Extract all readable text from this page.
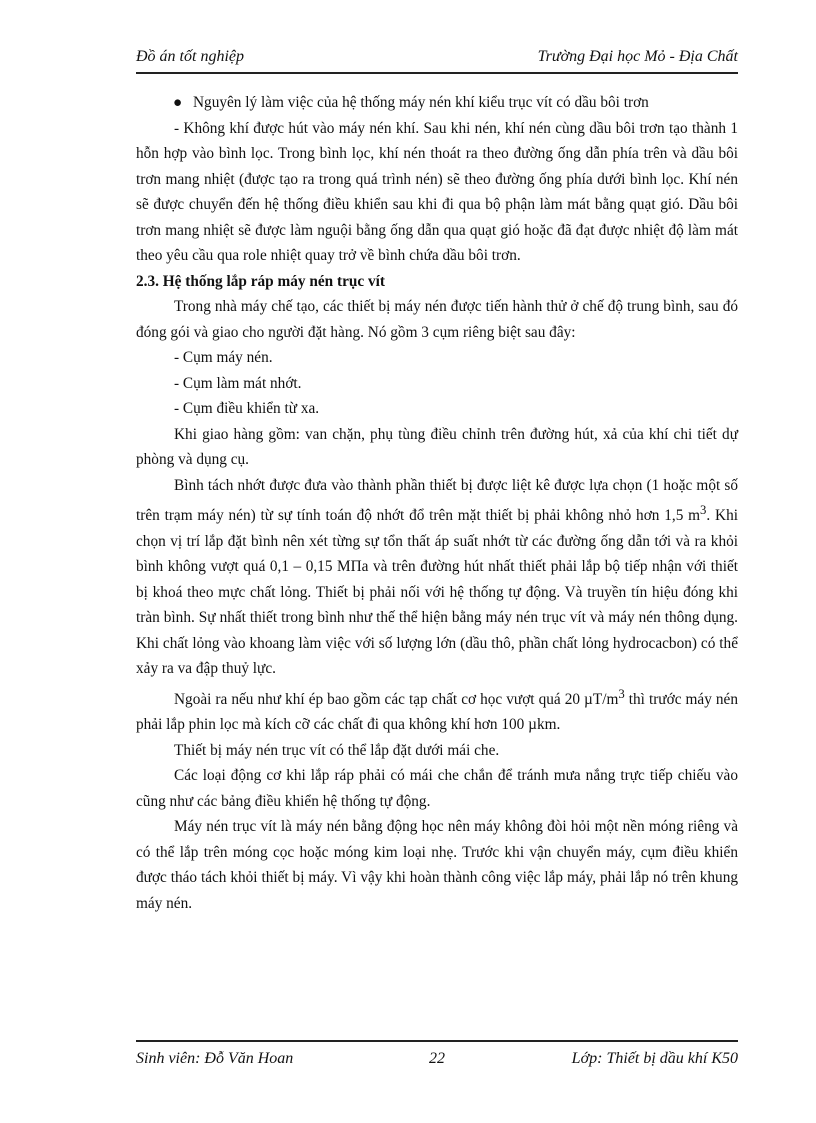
Đồ án tốt nghiệp	Trường Đại học Mỏ - Địa Chất

● Nguyên lý làm việc của hệ thống máy nén khí kiểu trục vít có dầu bôi trơn

- Không khí được hút vào máy nén khí. Sau khi nén, khí nén cùng dầu bôi trơn tạo thành 1 hỗn hợp vào bình lọc. Trong bình lọc, khí nén thoát ra theo đường ống dẫn phía trên và dầu bôi trơn mang nhiệt (được tạo ra trong quá trình nén) sẽ theo đường ống phía dưới bình lọc. Khí nén sẽ được chuyển đến hệ thống điều khiển sau khi đi qua bộ phận làm mát bằng quạt gió. Dầu bôi trơn mang nhiệt sẽ được làm nguội bằng ống dẫn qua quạt gió hoặc đã đạt được nhiệt độ làm mát theo yêu cầu qua role nhiệt quay trở về bình chứa dầu bôi trơn.

2.3. Hệ thống lắp ráp máy nén trục vít

Trong nhà máy chế tạo, các thiết bị máy nén được tiến hành thử ở chế độ trung bình, sau đó đóng gói và giao cho người đặt hàng. Nó gồm 3 cụm riêng biệt sau đây:

- Cụm máy nén.

- Cụm làm mát nhớt.

- Cụm điều khiển từ xa.

Khi giao hàng gồm: van chặn, phụ tùng điều chỉnh trên đường hút, xả của khí chi tiết dự phòng và dụng cụ.

Bình tách nhớt được đưa vào thành phần thiết bị được liệt kê được lựa chọn (1 hoặc một số trên trạm máy nén) từ sự tính toán độ nhớt đổ trên mặt thiết bị phải không nhỏ hơn 1,5 $m^3$. Khi chọn vị trí lắp đặt bình nên xét từng sự tổn thất áp suất nhớt từ các đường ống dẫn tới và ra khỏi bình không vượt quá 0,1 – 0,15 MПa và trên đường hút nhất thiết phải lắp bộ tiếp nhận với thiết bị khoá theo mực chất lỏng. Thiết bị phải nối với hệ thống tự động. Và truyền tín hiệu đóng khi tràn bình. Sự nhất thiết trong bình như thế thể hiện bằng máy nén trục vít và máy nén thông dụng. Khi chất lỏng vào khoang làm việc với số lượng lớn (dầu thô, phần chất lỏng hydrocacbon) có thể xảy ra va đập thuỷ lực.

Ngoài ra nếu như khí ép bao gồm các tạp chất cơ học vượt quá 20 $\mu T/m^3$ thì trước máy nén phải lắp phin lọc mà kích cỡ các chất đi qua không khí hơn 100 µkm.

Thiết bị máy nén trục vít có thể lắp đặt dưới mái che.

Các loại động cơ khi lắp ráp phải có mái che chắn để tránh mưa nắng trực tiếp chiếu vào cũng như các bảng điều khiển hệ thống tự động.

Máy nén trục vít là máy nén bằng động học nên máy không đòi hỏi một nền móng riêng và có thể lắp trên móng cọc hoặc móng kim loại nhẹ. Trước khi vận chuyển máy, cụm điều khiển được tháo tách khỏi thiết bị máy. Vì vậy khi hoàn thành công việc lắp máy, phải lắp nó trên khung máy nén.

Sinh viên: Đỗ Văn Hoan	22	Lớp: Thiết bị dầu khí K50
